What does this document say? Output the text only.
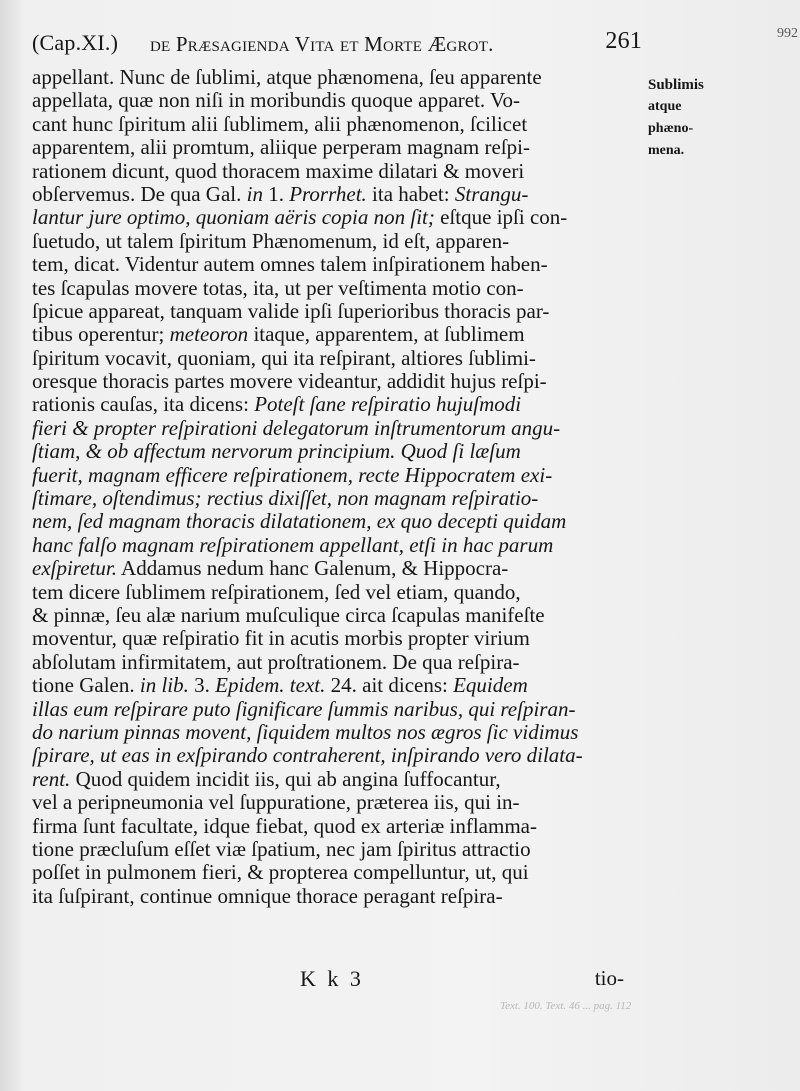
(Cap.XI.) de Præsagienda Vita et Morte Ægrot.	261	992
Sublimis
atque
phæno-
mena.
appellant. Nunc de ſublimi, atque phænomena, ſeu apparente
appellata, quæ non niſi in moribundis quoque apparet. Vo-
cant hunc ſpiritum alii ſublimem, alii phænomenon, ſcilicet
apparentem, alii promtum, aliique perperam magnam reſpi-
rationem dicunt, quod thoracem maxime dilatari & moveri
obſervemus. De qua Gal. in 1. Prorrhet. ita habet: Strangu-
lantur jure optimo, quoniam aëris copia non ſit; eſtque ipſi con-
ſuetudo, ut talem ſpiritum Phænomenum, id eſt, apparen-
tem, dicat. Videntur autem omnes talem inſpirationem haben-
tes ſcapulas movere totas, ita, ut per veſtimenta motio con-
ſpicue appareat, tanquam valide ipſi ſuperioribus thoracis par-
tibus operentur; meteoron itaque, apparentem, at ſublimem
ſpiritum vocavit, quoniam, qui ita reſpirant, altiores ſublimi-
oresque thoracis partes movere videantur, addidit hujus reſpi-
rationis cauſas, ita dicens: Poteſt ſane reſpiratio hujuſmodi
fieri & propter reſpirationi delegatorum inſtrumentorum angu-
ſtiam, & ob affectum nervorum principium. Quod ſi læſum
fuerit, magnam efficere reſpirationem, recte Hippocratem exi-
ſtimare, oſtendimus; rectius dixiſſet, non magnam reſpiratio-
nem, ſed magnam thoracis dilatationem, ex quo decepti quidam
hanc falſo magnam reſpirationem appellant, etſi in hac parum
exſpiretur. Addamus nedum hanc Galenum, & Hippocra-
tem dicere ſublimem reſpirationem, ſed vel etiam, quando,
& pinnæ, ſeu alæ narium muſculique circa ſcapulas manifeſte
moventur, quæ reſpiratio fit in acutis morbis propter virium
abſolutam infirmitatem, aut proſtrationem. De qua reſpira-
tione Galen. in lib. 3. Epidem. text. 24. ait dicens: Equidem
illas eum reſpirare puto ſignificare ſummis naribus, qui reſpiran-
do narium pinnas movent, ſiquidem multos nos ægros ſic vidimus
ſpirare, ut eas in exſpirando contraherent, inſpirando vero dilata-
rent. Quod quidem incidit iis, qui ab angina ſuffocantur,
vel a peripneumonia vel ſuppuratione, præterea iis, qui in-
firma ſunt facultate, idque fiebat, quod ex arteriæ inflamma-
tione præcluſum eſſet viæ ſpatium, nec jam ſpiritus attractio
poſſet in pulmonem fieri, & propterea compelluntur, ut, qui
ita ſuſpirant, continue omnique thorace peragant reſpira-
K k 3	tio-
Text. 100. Text. 46 ... pag. 112
